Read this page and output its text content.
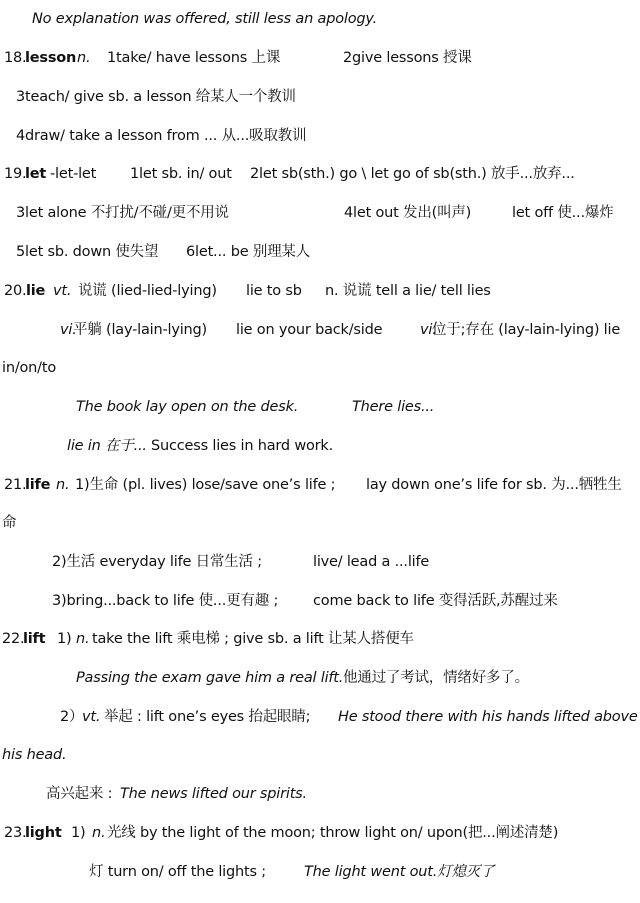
No explanation was offered, still less an apology.
18.
lesson n. 1take/ have lessons 上课	2give lessons 授课
3teach/ give sb. a lesson 给某人一个教训
4draw/ take a lesson from ... 从...吸取教训
19.
let -let-let 1let sb. in/ out 2let sb(sth.) go \ let go of sb(sth.) 放手...放弃...
3let alone 不打扰/不碰/更不用说	4let out 发出(叫声)	let off 使...爆炸
5let sb. down 使失望 6let... be 别理某人
20. lie vt. 说谎 (lied-lied-lying) lie to sb n. 说谎 tell a lie/ tell lies
vi.
平躺 (lay-lain-lying) lie on your back/side	vi.
位于;存在 (lay-lain-lying) lie
in/on/to
The book lay open on the desk.	There lies...
lie in 在于... Success lies in hard work.
21.
life n. 1)生命 (pl. lives) lose/save one’s life ; lay down one’s life for sb. 为...牺牲生
命
2)生活 everyday life 日常生活 ;	live/ lead a ...life
3)bring...back to life 使...更有趣 ; come back to life 变得活跃,苏醒过来
22.
lift 1) n. take the lift 乘电梯 ; give sb. a lift 让某人搭便车
Passing the exam gave him a real lift. 他通过了考试，情绪好多了。
2）
vt. 举起 : lift one’s eyes 抬起眼睛; He stood there with his hands lifted above
his head.
高兴起来 : The news lifted our spirits.
23.
light 1) n. 光线 by the light of the moon; throw light on/ upon(把...阐述清楚)
灯 turn on/ off the lights ;	The light went out.灯熄灭了
